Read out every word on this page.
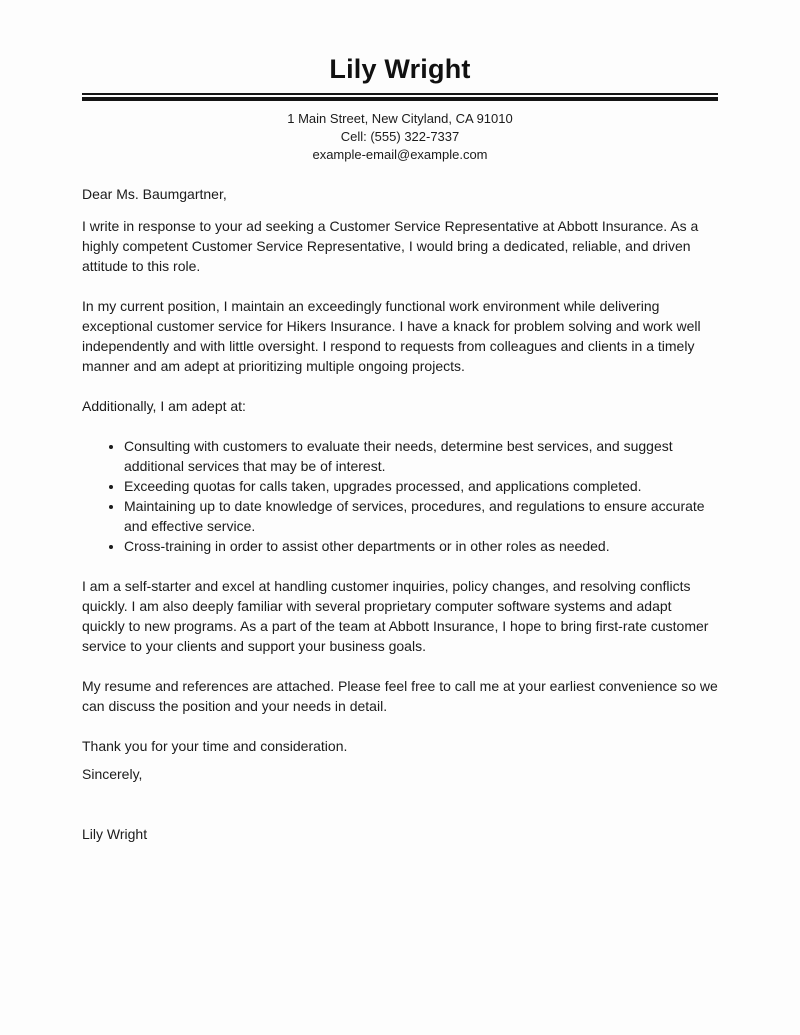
Lily Wright
1 Main Street, New Cityland, CA 91010
Cell: (555) 322-7337
example-email@example.com

Dear Ms. Baumgartner,

I write in response to your ad seeking a Customer Service Representative at Abbott Insurance. As a highly competent Customer Service Representative, I would bring a dedicated, reliable, and driven attitude to this role.

In my current position, I maintain an exceedingly functional work environment while delivering exceptional customer service for Hikers Insurance. I have a knack for problem solving and work well independently and with little oversight. I respond to requests from colleagues and clients in a timely manner and am adept at prioritizing multiple ongoing projects.

Additionally, I am adept at:

• Consulting with customers to evaluate their needs, determine best services, and suggest additional services that may be of interest.
• Exceeding quotas for calls taken, upgrades processed, and applications completed.
• Maintaining up to date knowledge of services, procedures, and regulations to ensure accurate and effective service.
• Cross-training in order to assist other departments or in other roles as needed.

I am a self-starter and excel at handling customer inquiries, policy changes, and resolving conflicts quickly. I am also deeply familiar with several proprietary computer software systems and adapt quickly to new programs. As a part of the team at Abbott Insurance, I hope to bring first-rate customer service to your clients and support your business goals.

My resume and references are attached. Please feel free to call me at your earliest convenience so we can discuss the position and your needs in detail.

Thank you for your time and consideration.

Sincerely,

Lily Wright
